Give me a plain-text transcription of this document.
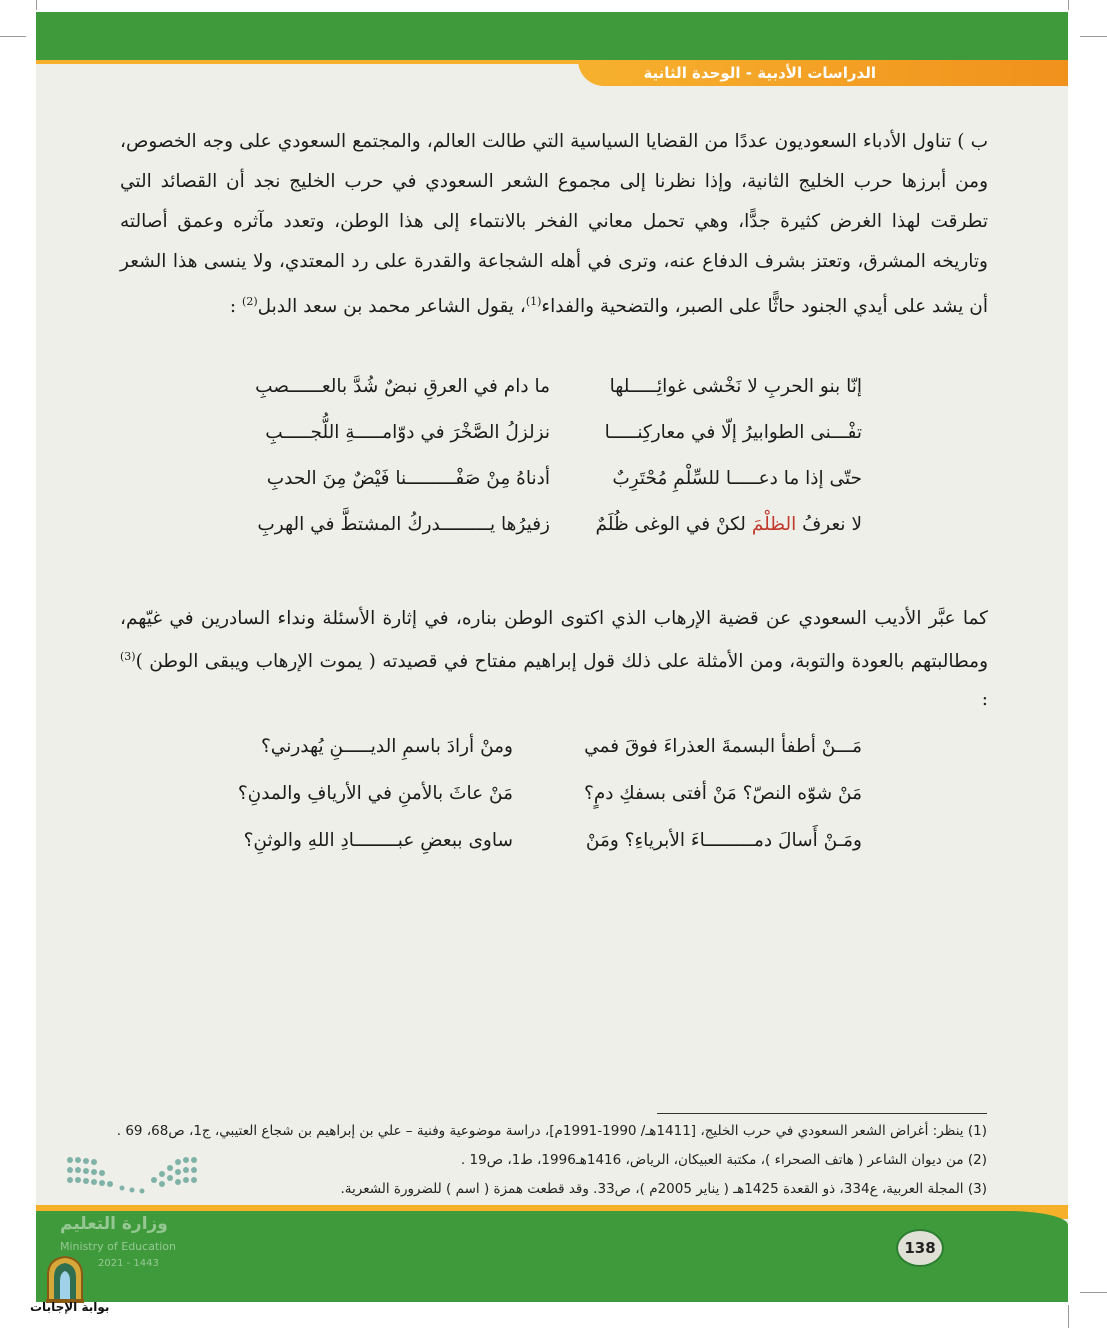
الدراسات الأدبية - الوحدة الثانية
ب ) تناول الأدباء السعوديون عددًا من القضايا السياسية التي طالت العالم، والمجتمع السعودي على وجه الخصوص، ومن أبرزها حرب الخليج الثانية، وإذا نظرنا إلى مجموع الشعر السعودي في حرب الخليج نجد أن القصائد التي تطرقت لهذا الغرض كثيرة جدًّا، وهي تحمل معاني الفخر بالانتماء إلى هذا الوطن، وتعدد مآثره وعمق أصالته وتاريخه المشرق، وتعتز بشرف الدفاع عنه، وترى في أهله الشجاعة والقدرة على رد المعتدي، ولا ينسى هذا الشعر أن يشد على أيدي الجنود حاثًّا على الصبر، والتضحية والفداء$^{(1)}$، يقول الشاعر محمد بن سعد الدبل$^{(2)}$ :
إنّا بنو الحربِ لا نَخْشى غوائِـــــلها
ما دام في العرقِ نبضٌ شُدَّ بالعــــــصبِ
تفْـــنى الطوابيرُ إلّا في معاركِنـــــا
نزلزلُ الصَّخْرَ في دوّامـــــةِ اللُّجـــــبِ
حتّى إذا ما دعـــــا للسِّلْمِ مُحْتَرِبٌ
أدناهُ مِنْ صَفْـــــــــنا فَيْضٌ مِنَ الحدبِ
لا نعرفُ الظلْمَ لكنْ في الوغى ظُلَمٌ
زفيرُها يـــــــــدركُ المشتطَّ في الهربِ
كما عبَّر الأديب السعودي عن قضية الإرهاب الذي اكتوى الوطن بناره، في إثارة الأسئلة ونداء السادرين في غيّهم، ومطالبتهم بالعودة والتوبة، ومن الأمثلة على ذلك قول إبراهيم مفتاح في قصيدته ( يموت الإرهاب ويبقى الوطن )$^{(3)}$ :
مَـــنْ أطفأ البسمةَ العذراءَ فوقَ فمي
ومنْ أرادَ باسمِ الديـــــنِ يُهدرني؟
مَنْ شوّه النصّ؟ مَنْ أفتى بسفكِ دمٍ؟
مَنْ عاثَ بالأمنِ في الأريافِ والمدنِ؟
ومَـنْ أَسالَ دمـــــــــاءَ الأبرياءِ؟ ومَنْ
ساوى ببعضِ عبــــــــادِ اللهِ والوثنِ؟
(1) ينظر: أغراض الشعر السعودي في حرب الخليج، [1411هـ/ 1990-1991م]، دراسة موضوعية وفنية – علي بن إبراهيم بن شجاع العتيبي، ج1، ص68، 69 .
(2) من ديوان الشاعر ( هاتف الصحراء )، مكتبة العبيكان، الرياض، 1416هـ1996، ط1، ص19 .
(3) المجلة العربية، ع334، ذو القعدة 1425هـ ( يناير 2005م )، ص33. وقد قطعت همزة ( اسم ) للضرورة الشعرية.
وزارة التعليم
Ministry of Education
2021 - 1443
138
بوابة الإجابات
